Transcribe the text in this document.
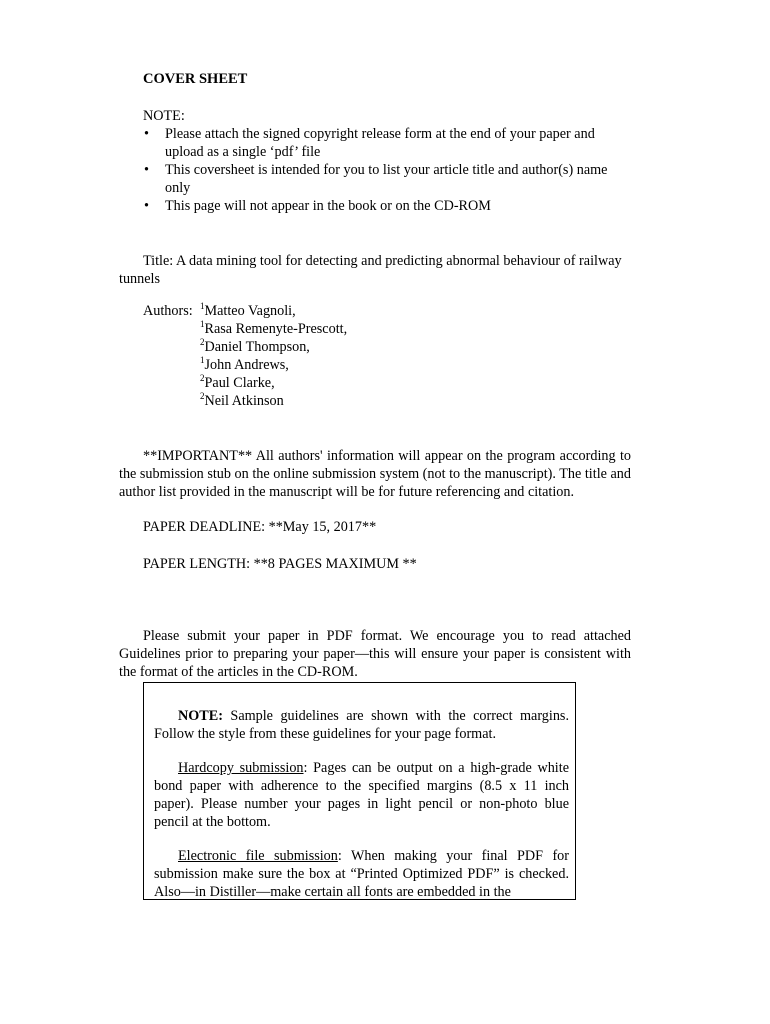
COVER SHEET
NOTE:
• Please attach the signed copyright release form at the end of your paper and upload as a single ‘pdf’ file
• This coversheet is intended for you to list your article title and author(s) name only
• This page will not appear in the book or on the CD-ROM
Title: A data mining tool for detecting and predicting abnormal behaviour of railway tunnels
Authors: $^1$Matteo Vagnoli,
$^1$Rasa Remenyte-Prescott,
$^2$Daniel Thompson,
$^1$John Andrews,
$^2$Paul Clarke,
$^2$Neil Atkinson
**IMPORTANT** All authors' information will appear on the program according to the submission stub on the online submission system (not to the manuscript). The title and author list provided in the manuscript will be for future referencing and citation.
PAPER DEADLINE: **May 15, 2017**
PAPER LENGTH: **8 PAGES MAXIMUM **
Please submit your paper in PDF format. We encourage you to read attached Guidelines prior to preparing your paper—this will ensure your paper is consistent with the format of the articles in the CD-ROM.
NOTE: Sample guidelines are shown with the correct margins. Follow the style from these guidelines for your page format.
Hardcopy submission: Pages can be output on a high-grade white bond paper with adherence to the specified margins (8.5 x 11 inch paper). Please number your pages in light pencil or non-photo blue pencil at the bottom.
Electronic file submission: When making your final PDF for submission make sure the box at “Printed Optimized PDF” is checked. Also—in Distiller—make certain all fonts are embedded in the
